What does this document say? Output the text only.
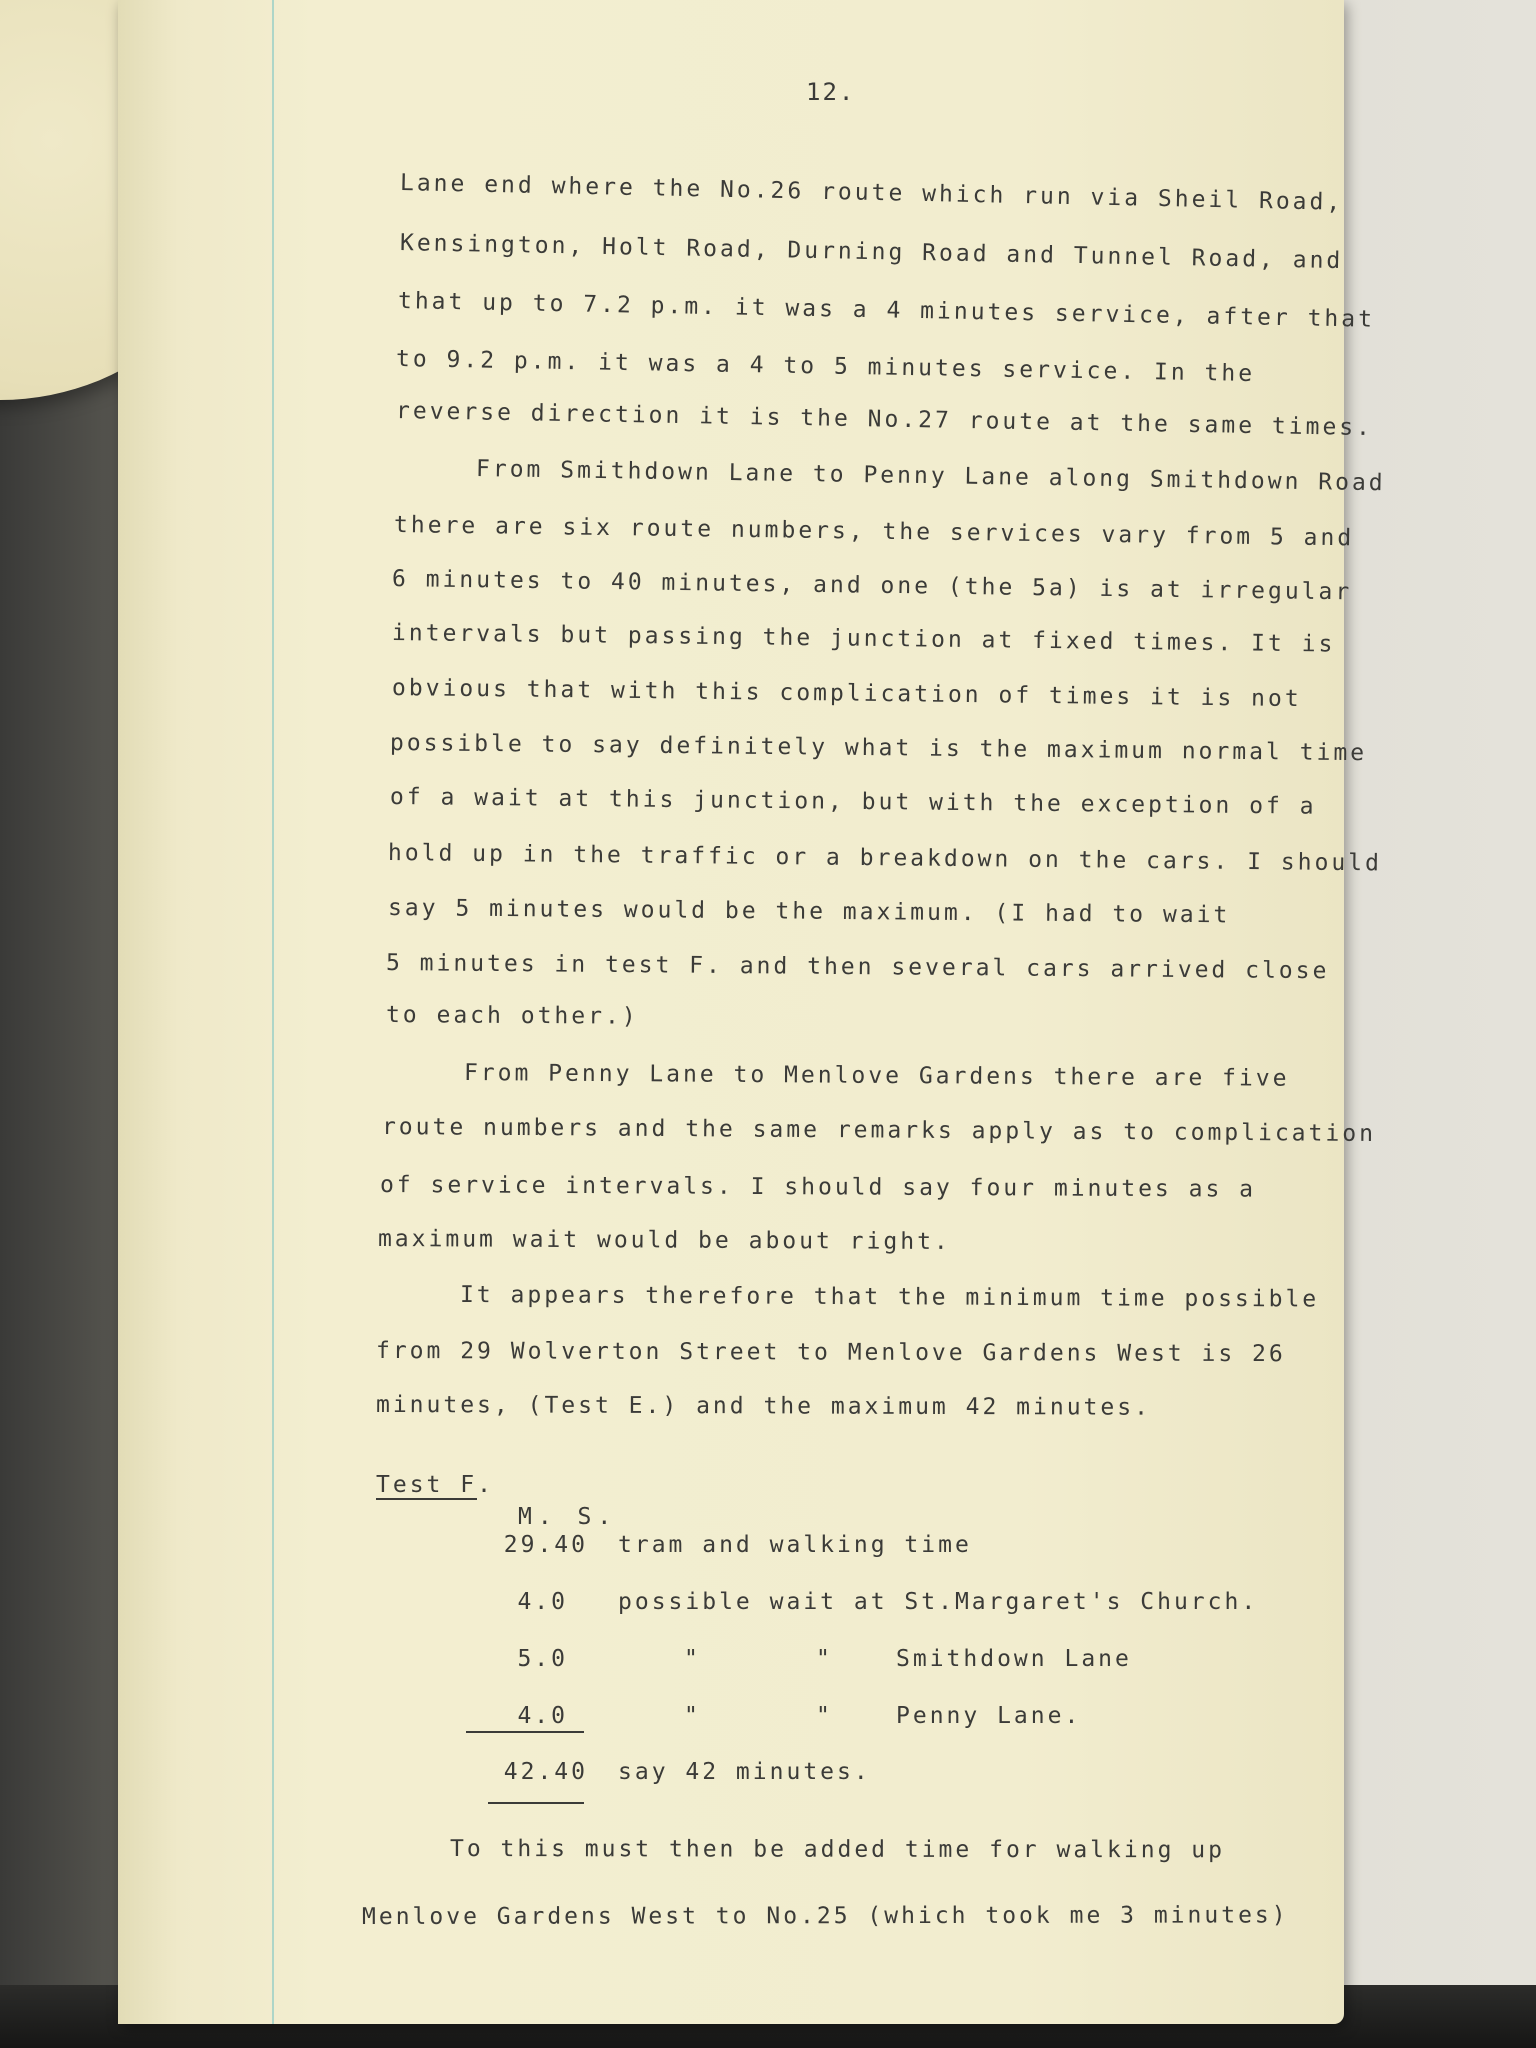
12.
Lane end where the No.26 route which run via Sheil Road,
Kensington, Holt Road, Durning Road and Tunnel Road, and
that up to 7.2 p.m. it was a 4 minutes service, after that
to 9.2 p.m. it was a 4 to 5 minutes service. In the
reverse direction it is the No.27 route at the same times.
From Smithdown Lane to Penny Lane along Smithdown Road
there are six route numbers, the services vary from 5 and
6 minutes to 40 minutes, and one (the 5a) is at irregular
intervals but passing the junction at fixed times. It is
obvious that with this complication of times it is not
possible to say definitely what is the maximum normal time
of a wait at this junction, but with the exception of a
hold up in the traffic or a breakdown on the cars. I should
say 5 minutes would be the maximum. (I had to wait
5 minutes in test F. and then several cars arrived close
to each other.)
From Penny Lane to Menlove Gardens there are five
route numbers and the same remarks apply as to complication
of service intervals. I should say four minutes as a
maximum wait would be about right.
It appears therefore that the minimum time possible
from 29 Wolverton Street to Menlove Gardens West is 26
minutes, (Test E.) and the maximum 42 minutes.
Test F.
M. S.
29.40 tram and walking time
4.0 possible wait at St.Margaret's Church.
5.0	"	"	Smithdown Lane
4.0	"	"	Penny Lane.
42.40 say 42 minutes.
To this must then be added time for walking up
Menlove Gardens West to No.25 (which took me 3 minutes)
